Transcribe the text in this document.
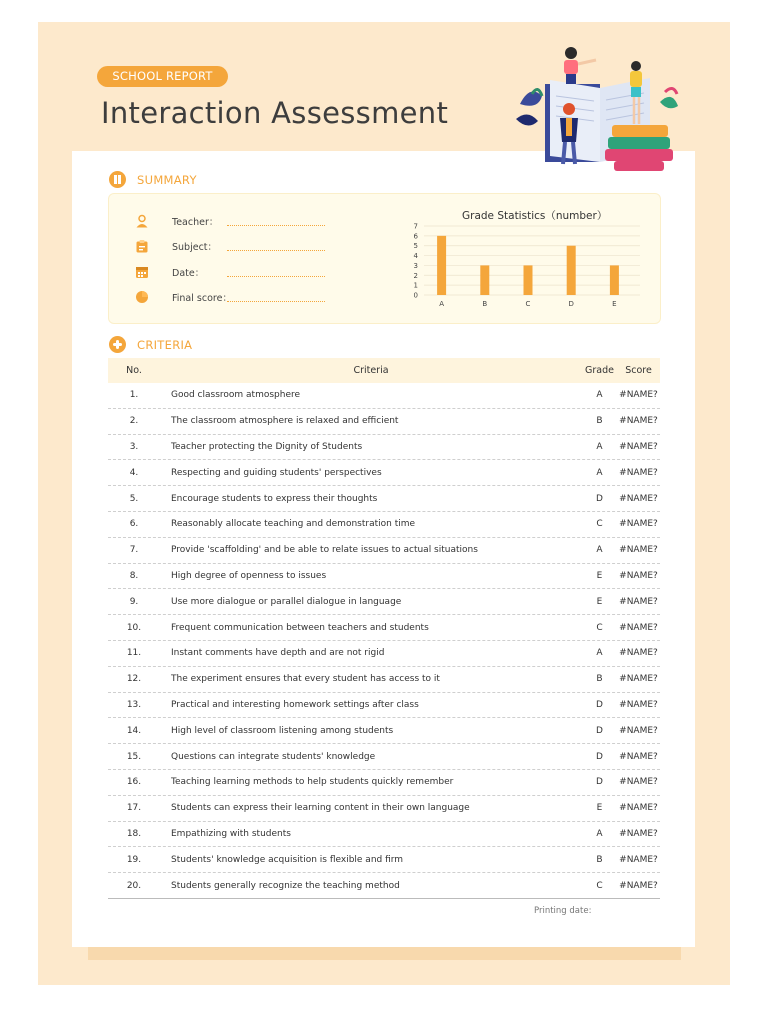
SCHOOL REPORT
Interaction Assessment
SUMMARY
Teacher：
Subject：
Date：
Final score：
Grade Statistics（number）
0
1
2
3
4
5
6
7
A	B	C	D	E
CRITERIA
No.	Criteria	Grade	Score
1.	Good classroom atmosphere	A	#NAME?
2.	The classroom atmosphere is relaxed and efficient	B	#NAME?
3.	Teacher protecting the Dignity of Students	A	#NAME?
4.	Respecting and guiding students' perspectives	A	#NAME?
5.	Encourage students to express their thoughts	D	#NAME?
6.	Reasonably allocate teaching and demonstration time	C	#NAME?
7.	Provide 'scaffolding' and be able to relate issues to actual situations	A	#NAME?
8.	High degree of openness to issues	E	#NAME?
9.	Use more dialogue or parallel dialogue in language	E	#NAME?
10.	Frequent communication between teachers and students	C	#NAME?
11.	Instant comments have depth and are not rigid	A	#NAME?
12.	The experiment ensures that every student has access to it	B	#NAME?
13.	Practical and interesting homework settings after class	D	#NAME?
14.	High level of classroom listening among students	D	#NAME?
15.	Questions can integrate students' knowledge	D	#NAME?
16.	Teaching learning methods to help students quickly remember	D	#NAME?
17.	Students can express their learning content in their own language	E	#NAME?
18.	Empathizing with students	A	#NAME?
19.	Students' knowledge acquisition is flexible and firm	B	#NAME?
20.	Students generally recognize the teaching method	C	#NAME?
Printing date:
